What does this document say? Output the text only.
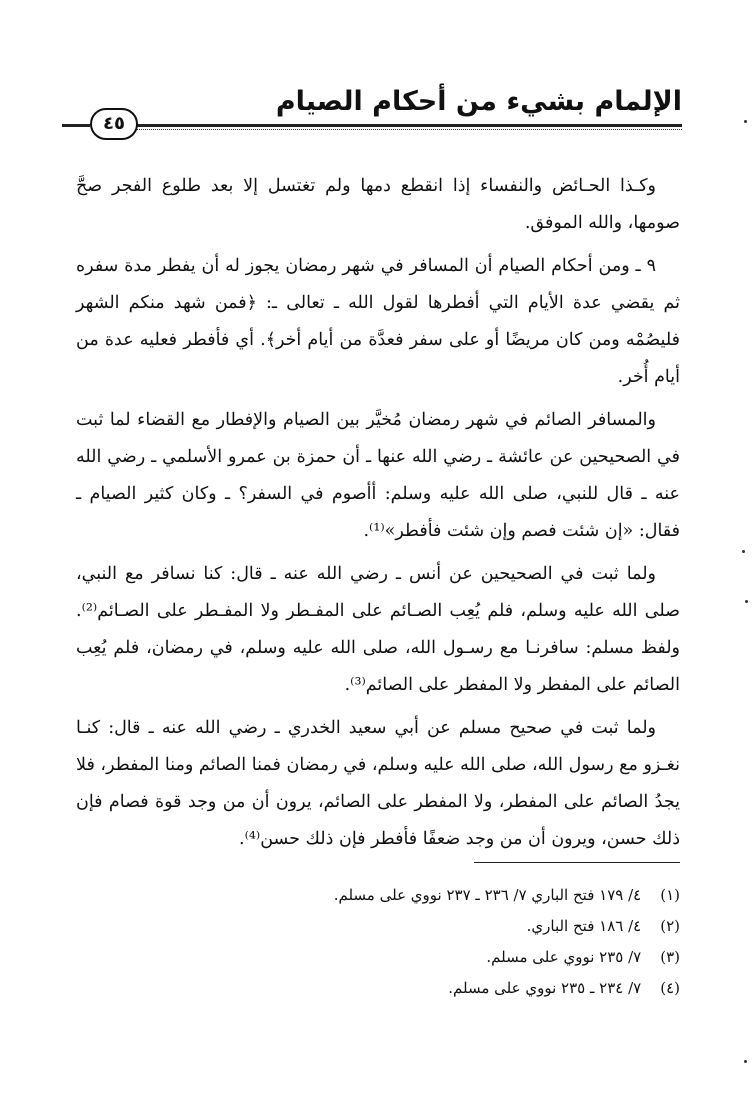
الإلمام بشيء من أحكام الصيام
٤٥

وكـذا الحـائض والنفساء إذا انقطع دمها ولم تغتسل إلا بعد طلوع الفجر صحَّ صومها، والله الموفق.

٩ ـ ومن أحكام الصيام أن المسافر في شهر رمضان يجوز له أن يفطر مدة سفره ثم يقضي عدة الأيام التي أفطرها لقول الله ـ تعالى ـ: ﴿فمن شهد منكم الشهر فليصُمْه ومن كان مريضًا أو على سفر فعدَّة من أيام أخر﴾. أي فأفطر فعليه عدة من أيام أُخر.

والمسافر الصائم في شهر رمضان مُخيَّر بين الصيام والإفطار مع القضاء لما ثبت في الصحيحين عن عائشة ـ رضي الله عنها ـ أن حمزة بن عمرو الأسلمي ـ رضي الله عنه ـ قال للنبي، صلى الله عليه وسلم: أأصوم في السفر؟ ـ وكان كثير الصيام ـ فقال: «إن شئت فصم وإن شئت فأفطر»⁽¹⁾.

ولما ثبت في الصحيحين عن أنس ـ رضي الله عنه ـ قال: كنا نسافر مع النبي، صلى الله عليه وسلم، فلم يُعِب الصـائم على المفـطر ولا المفـطر على الصـائم⁽²⁾. ولفظ مسلم: سافرنـا مع رسـول الله، صلى الله عليه وسلم، في رمضان، فلم يُعِب الصائم على المفطر ولا المفطر على الصائم⁽³⁾.

ولما ثبت في صحيح مسلم عن أبي سعيد الخدري ـ رضي الله عنه ـ قال: كنـا نغـزو مع رسول الله، صلى الله عليه وسلم، في رمضان فمنا الصائم ومنا المفطر، فلا يجدُ الصائم على المفطر، ولا المفطر على الصائم، يرون أن من وجد قوة فصام فإن ذلك حسن، ويرون أن من وجد ضعفًا فأفطر فإن ذلك حسن⁽⁴⁾.

(١) ٤/ ١٧٩ فتح الباري ٧/ ٢٣٦ ـ ٢٣٧ نووي على مسلم.
(٢) ٤/ ١٨٦ فتح الباري.
(٣) ٧/ ٢٣٥ نووي على مسلم.
(٤) ٧/ ٢٣٤ ـ ٢٣٥ نووي على مسلم.
